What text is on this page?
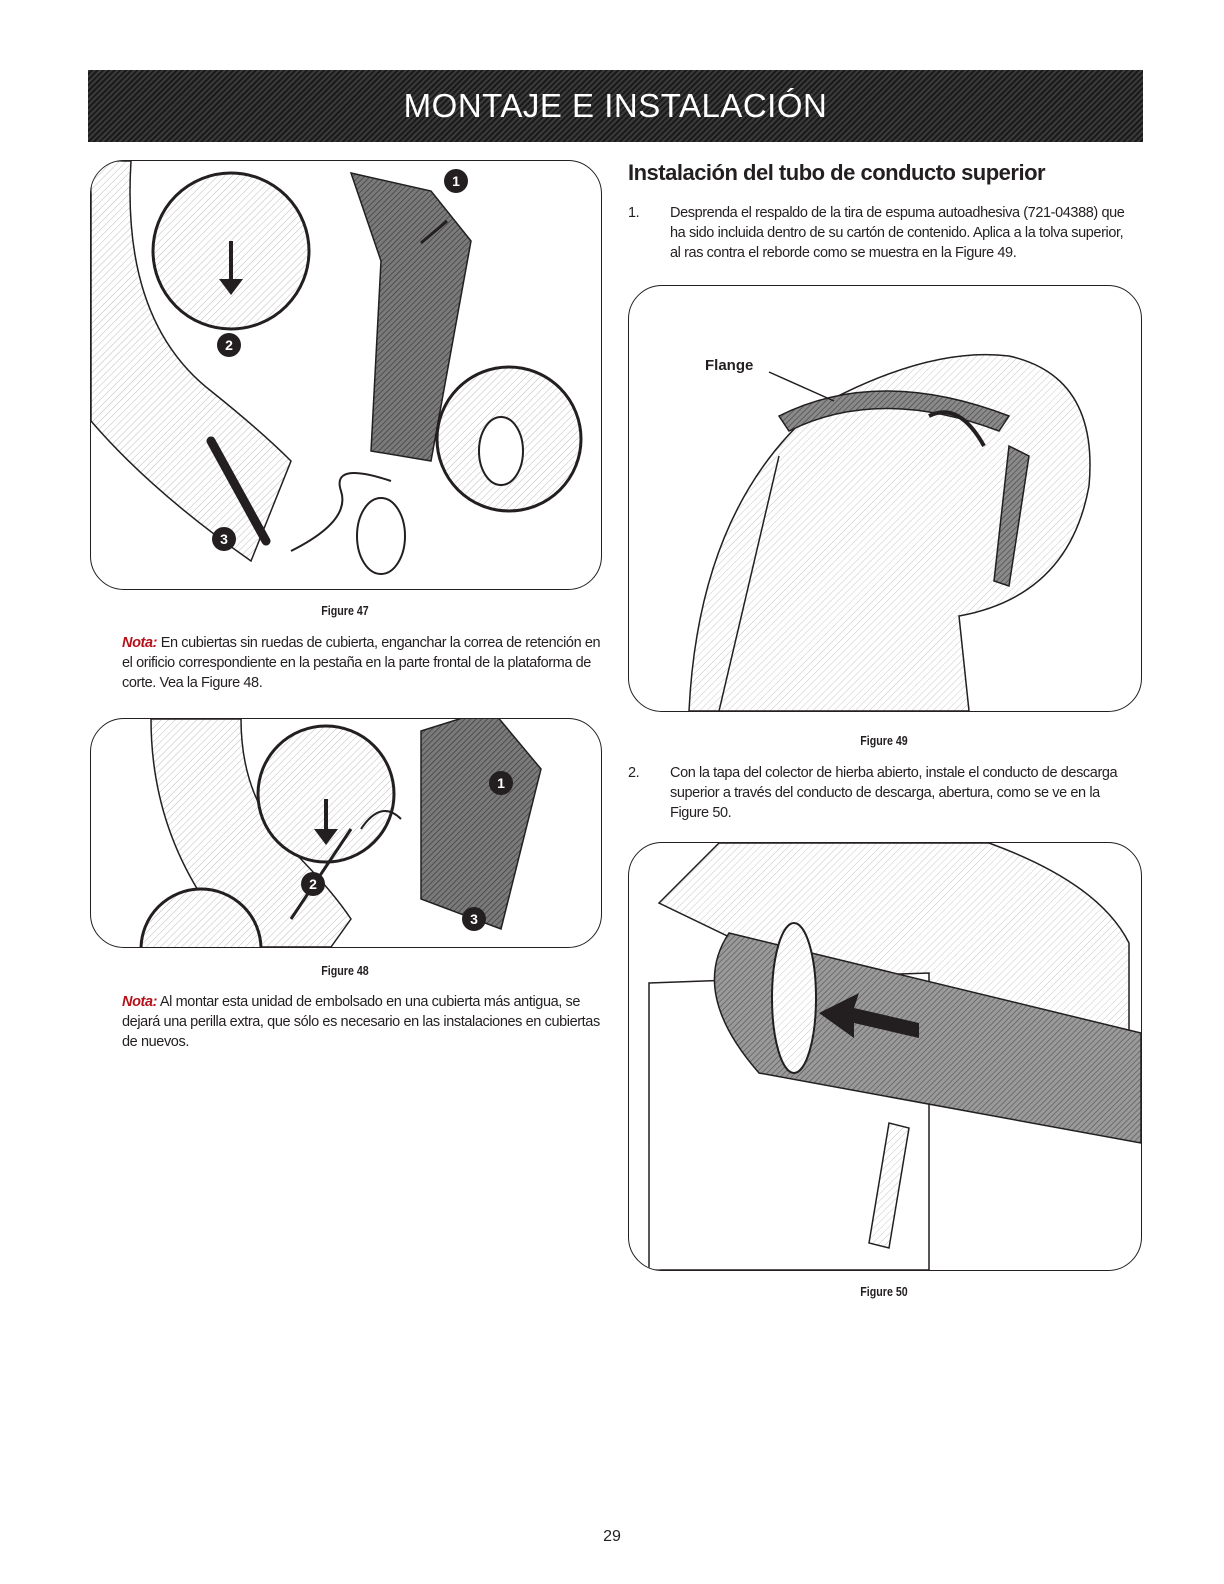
MONTAJE E INSTALACIÓN
1
2
3
Figure 47
Nota: En cubiertas sin ruedas de cubierta, enganchar la correa de retención en el orificio correspondiente en la pestaña en la parte frontal de la plataforma de corte. Vea la Figure 48.
1
2
3
Figure 48
Nota: Al montar esta unidad de embolsado en una cubierta más antigua, se dejará una perilla extra, que sólo es necesario en las instalaciones en cubiertas de nuevos.
Instalación del tubo de conducto superior
1.	Desprenda el respaldo de la tira de espuma autoadhesiva (721-04388) que ha sido incluida dentro de su cartón de contenido. Aplica a la tolva superior, al ras contra el reborde como se muestra en la Figure 49.
Flange
Figure 49
2.	Con la tapa del colector de hierba abierto, instale el conducto de descarga superior a través del conducto de descarga, abertura, como se ve en la Figure 50.
Figure 50
29
